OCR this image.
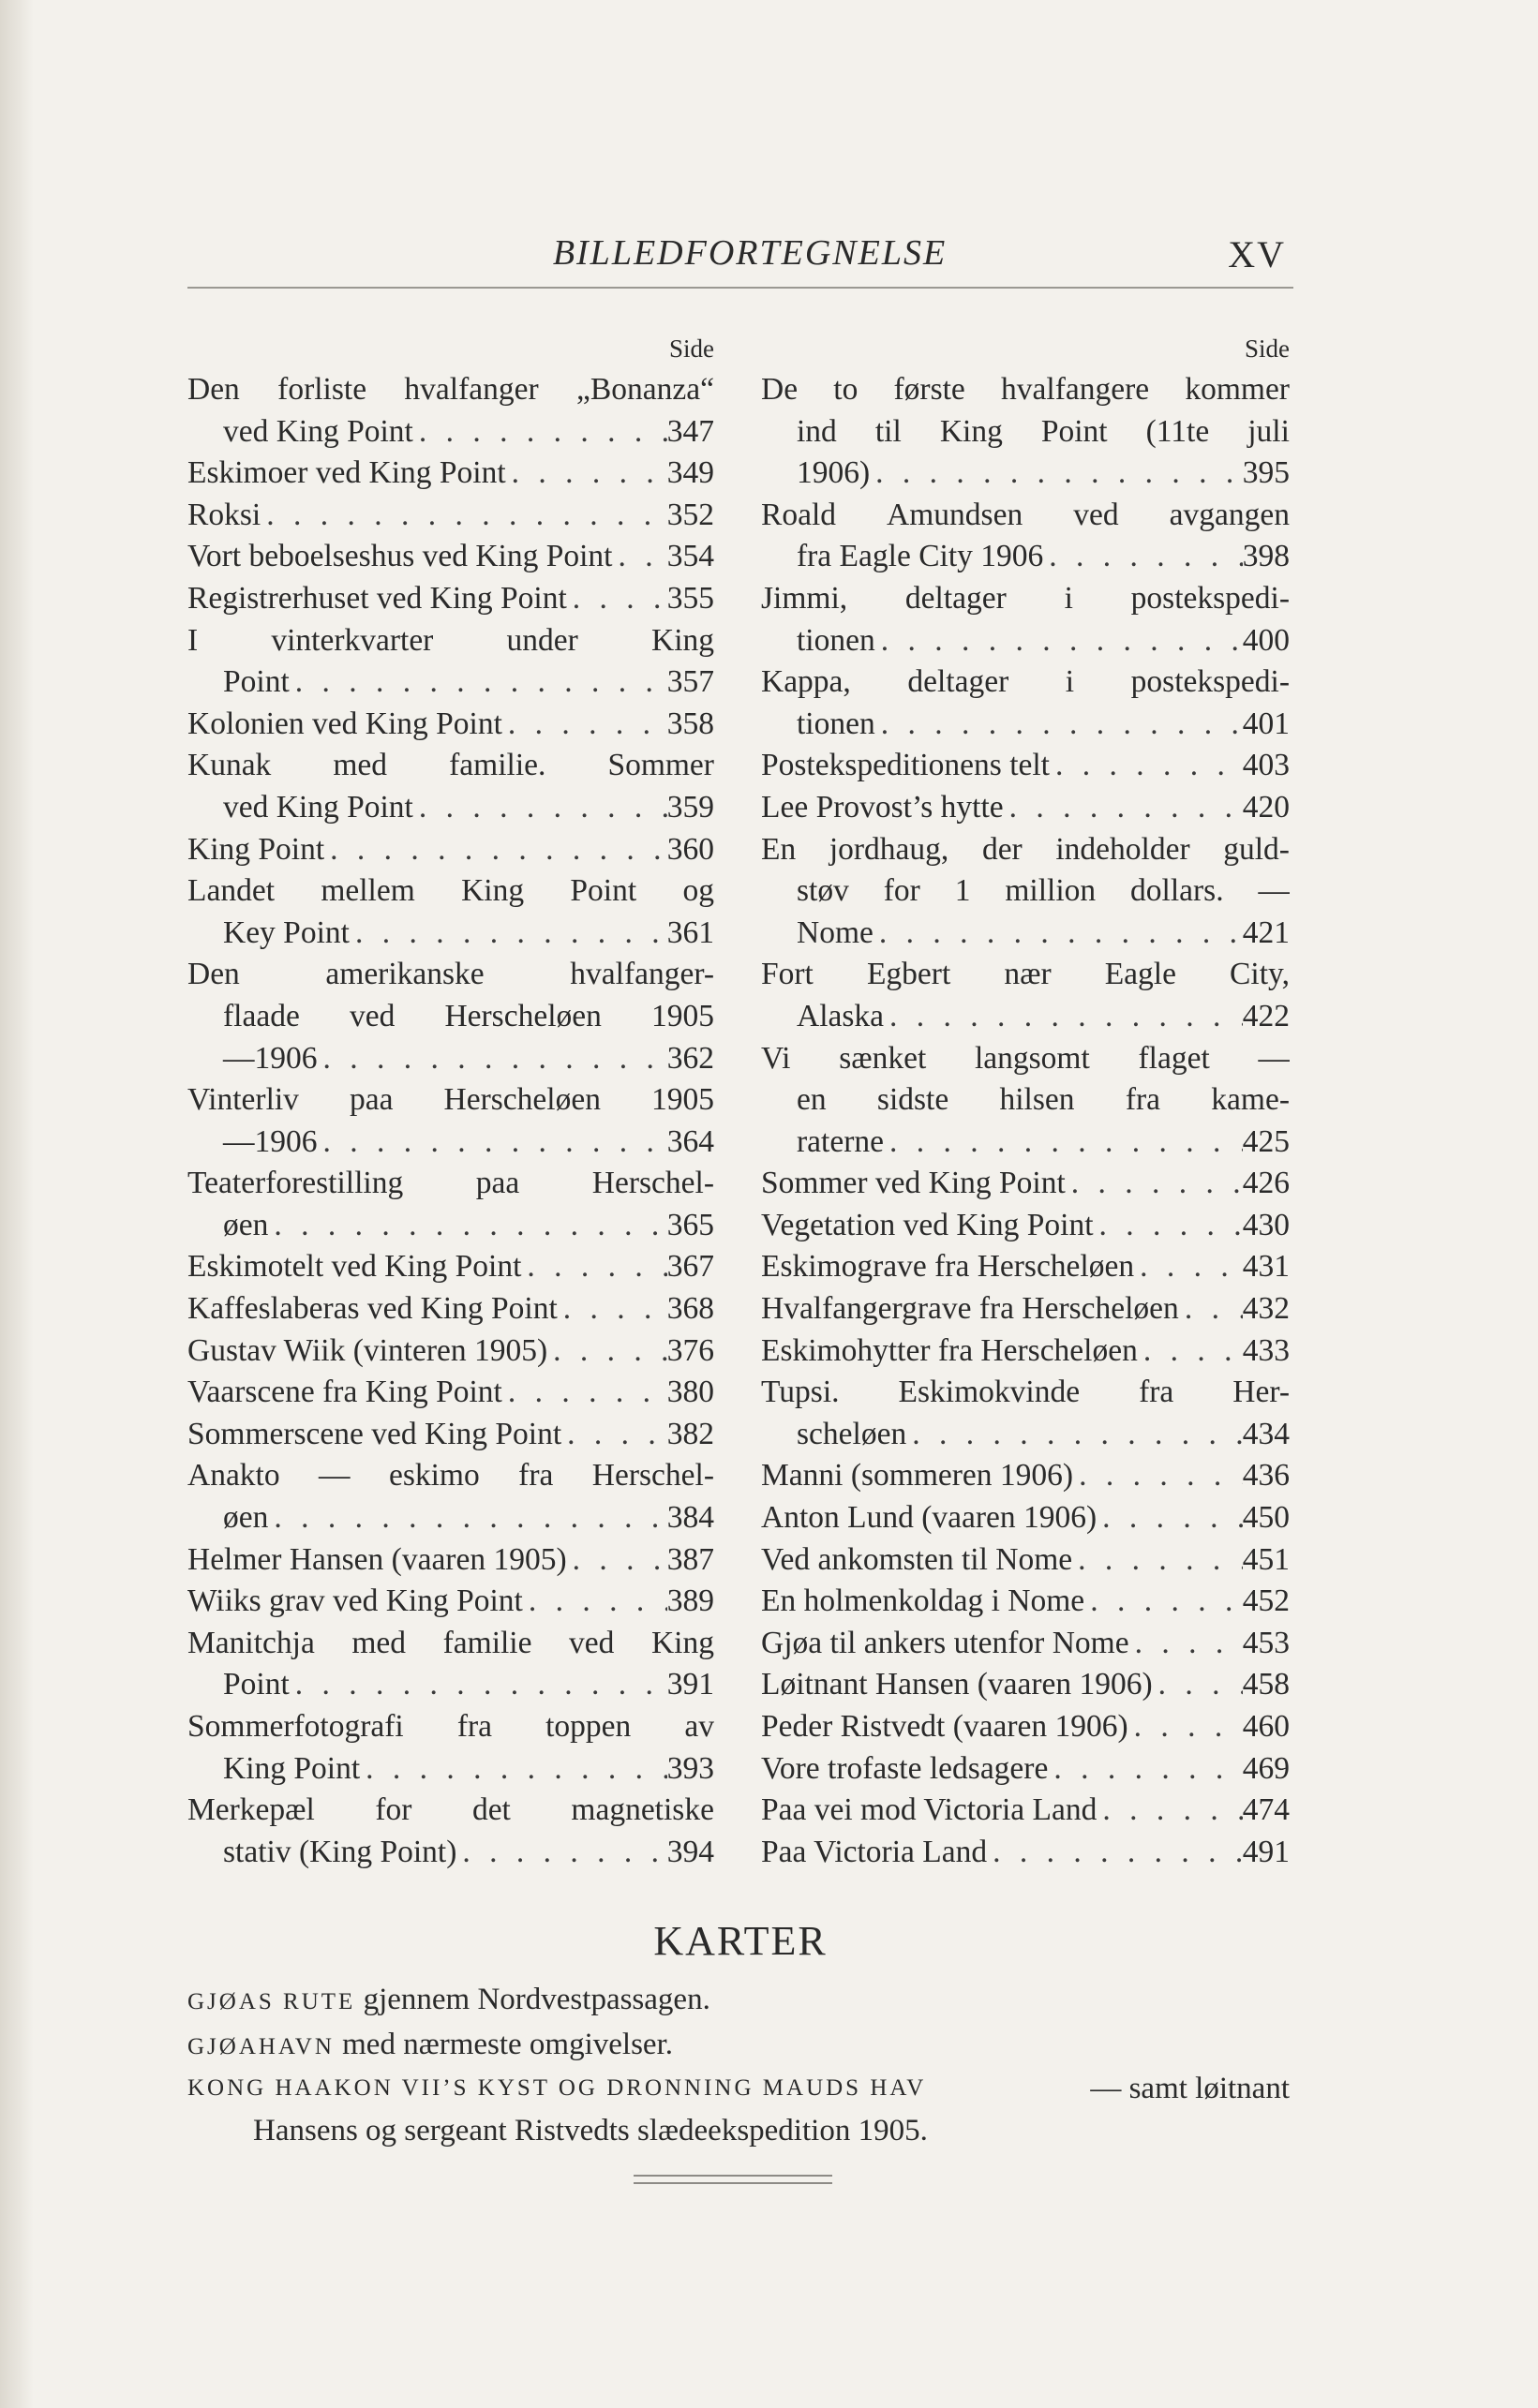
BILLEDFORTEGNELSE	XV
Side
Den forliste hvalfanger „Bonanza“
ved King Point . . .	347
Eskimoer ved King Point . . .	349
Roksi . . .	352
Vort beboelseshus ved King Point . . . 354
Registrerhuset ved King Point . . .	355
I vinterkvarter under King
Point . . .	357
Kolonien ved King Point . . .	358
Kunak med familie. Sommer
ved King Point . . .	359
King Point . . .	360
Landet mellem King Point og
Key Point . . .	361
Den	amerikanske	hvalfanger-
flaade ved Herscheløen 1905
—1906 . . .	362
Vinterliv paa Herscheløen 1905
—1906 . . .	364
Teaterforestilling paa Herschel-
øen . . .	365
Eskimotelt ved King Point . . .	367
Kaffeslaberas ved King Point . . .	368
Gustav Wiik (vinteren 1905) . . .	376
Vaarscene fra King Point . . .	380
Sommerscene ved King Point . . .	382
Anakto — eskimo fra Herschel-
øen . . .	384
Helmer Hansen (vaaren 1905) . . .	387
Wiiks grav ved King Point . . .	389
Manitchja med familie ved King
Point . . .	391
Sommerfotografi fra toppen av
King Point . . .	393
Merkepæl for det magnetiske
stativ (King Point) . . .	394
Side
De to første hvalfangere kommer
ind til King Point (11te juli
1906) . . .	395
Roald Amundsen ved avgangen
fra Eagle City 1906 . . .	398
Jimmi, deltager i postekspedi-
tionen . . .	400
Kappa, deltager i postekspedi-
tionen . . .	401
Postekspeditionens telt . . .	403
Lee Provost’s hytte . . .	420
En jordhaug, der indeholder guld-
støv for 1 million dollars. —
Nome . . .	421
Fort Egbert nær Eagle City,
Alaska . . .	422
Vi sænket langsomt flaget —
en sidste hilsen fra kame-
raterne . . .	425
Sommer ved King Point . . .	426
Vegetation ved King Point . . .	430
Eskimograve fra Herscheløen . . .	431
Hvalfangergrave fra Herscheløen . . . 432
Eskimohytter fra Herscheløen . . .	433
Tupsi. Eskimokvinde fra Her-
scheløen . . .	434
Manni (sommeren 1906) . . .	436
Anton Lund (vaaren 1906) . . .	450
Ved ankomsten til Nome . . .	451
En holmenkoldag i Nome . . .	452
Gjøa til ankers utenfor Nome . . .	453
Løitnant Hansen (vaaren 1906) . . .	458
Peder Ristvedt (vaaren 1906) . . .	460
Vore trofaste ledsagere . . .	469
Paa vei mod Victoria Land . . .	474
Paa Victoria Land . . .	491
KARTER
GJØAS RUTE gjennem Nordvestpassagen.
GJØAHAVN med nærmeste omgivelser.
KONG HAAKON VII’S KYST OG DRONNING MAUDS HAV	— samt løitnant
Hansens og sergeant Ristvedts slædeekspedition 1905.
